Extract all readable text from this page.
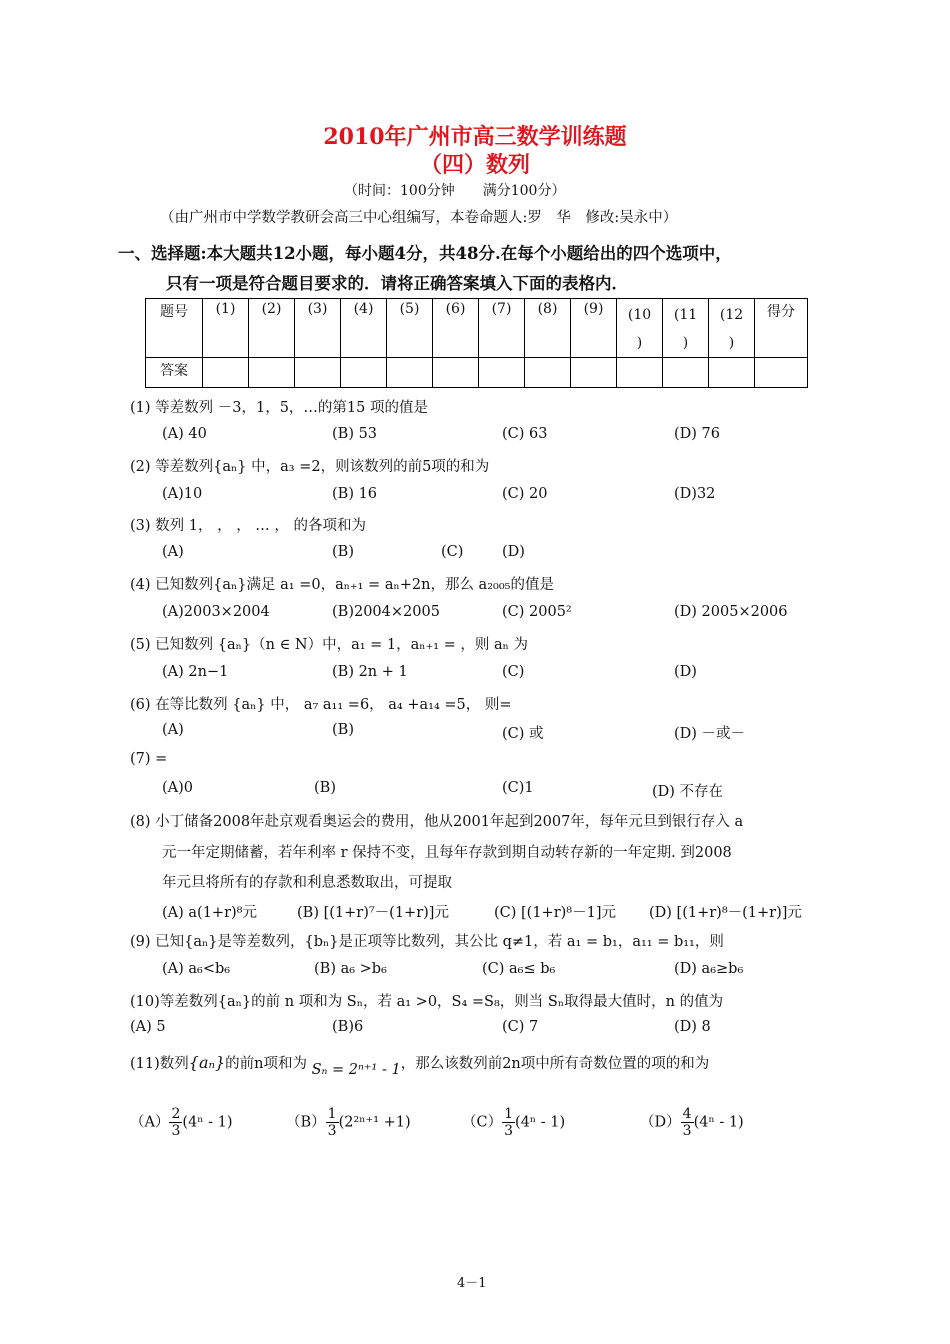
2010年广州市高三数学训练题
（四）数列
（时间：100分钟　　满分100分）
（由广州市中学数学教研会高三中心组编写，本卷命题人:罗　华　修改:吴永中）
一、选择题:本大题共12小题，每小题4分，共48分.在每个小题给出的四个选项中，
只有一项是符合题目要求的．请将正确答案填入下面的表格内．
题号	(1)	(2)	(3)	(4)	(5)	(6)	(7)	(8)	(9)	(10
)	(11
)	(12
)	得分
答案													
(1) 等差数列 －3，1，5，…的第15 项的值是
(A) 40	(B) 53	(C) 63	(D) 76
(2) 等差数列{aₙ} 中，a₃ =2，则该数列的前5项的和为
(A)10	(B) 16	(C) 20	(D)32
(3) 数列 1， ， ， … ， 的各项和为
(A)	(B)	(C)	(D)
(4) 已知数列{aₙ}满足 a₁ =0，aₙ₊₁ = aₙ+2n，那么 a₂₀₀₅的值是
(A)2003×2004	(B)2004×2005	(C) 2005²	(D) 2005×2006
(5) 已知数列 {aₙ}（n ∈ N）中，a₁ = 1，aₙ₊₁ = ，则 aₙ 为
(A) 2n−1	(B) 2n + 1	(C)	(D)
(6) 在等比数列 {aₙ} 中， a₇ a₁₁ =6， a₄ +a₁₄ =5， 则=
(A)	(B)	(C) 或	(D) －或－
(7) =
(A)0	(B)	(C)1	(D) 不存在
(8) 小丁储备2008年赴京观看奥运会的费用，他从2001年起到2007年，每年元旦到银行存入 a
元一年定期储蓄，若年利率 r 保持不变，且每年存款到期自动转存新的一年定期. 到2008
年元旦将所有的存款和利息悉数取出，可提取
(A) a(1+r)⁸元	(B) [(1+r)⁷－(1+r)]元	(C) [(1+r)⁸－1]元 (D) [(1+r)⁸－(1+r)]元
(9) 已知{aₙ}是等差数列，{bₙ}是正项等比数列，其公比 q≠1，若 a₁ = b₁，a₁₁ = b₁₁，则
(A) a₆<b₆	(B) a₆ >b₆	(C) a₆≤ b₆	(D) a₆≥b₆
(10)等差数列{aₙ}的前 n 项和为 Sₙ，若 a₁ >0，S₄ =S₈，则当 Sₙ取得最大值时，n 的值为
(A) 5	(B)6	(C) 7	(D) 8
(11)数列{aₙ}的前n项和为 Sₙ = 2ⁿ⁺¹ - 1，那么该数列前2n项中所有奇数位置的项的和为
$(A) \frac{2}{3} (4^n - 1)$	$(B) \frac{1}{3} (2^{2n+1} +1)$	$(C) \frac{1}{3} (4^n - 1)$	$(D) \frac{4}{3} (4^n - 1)$
4－1
